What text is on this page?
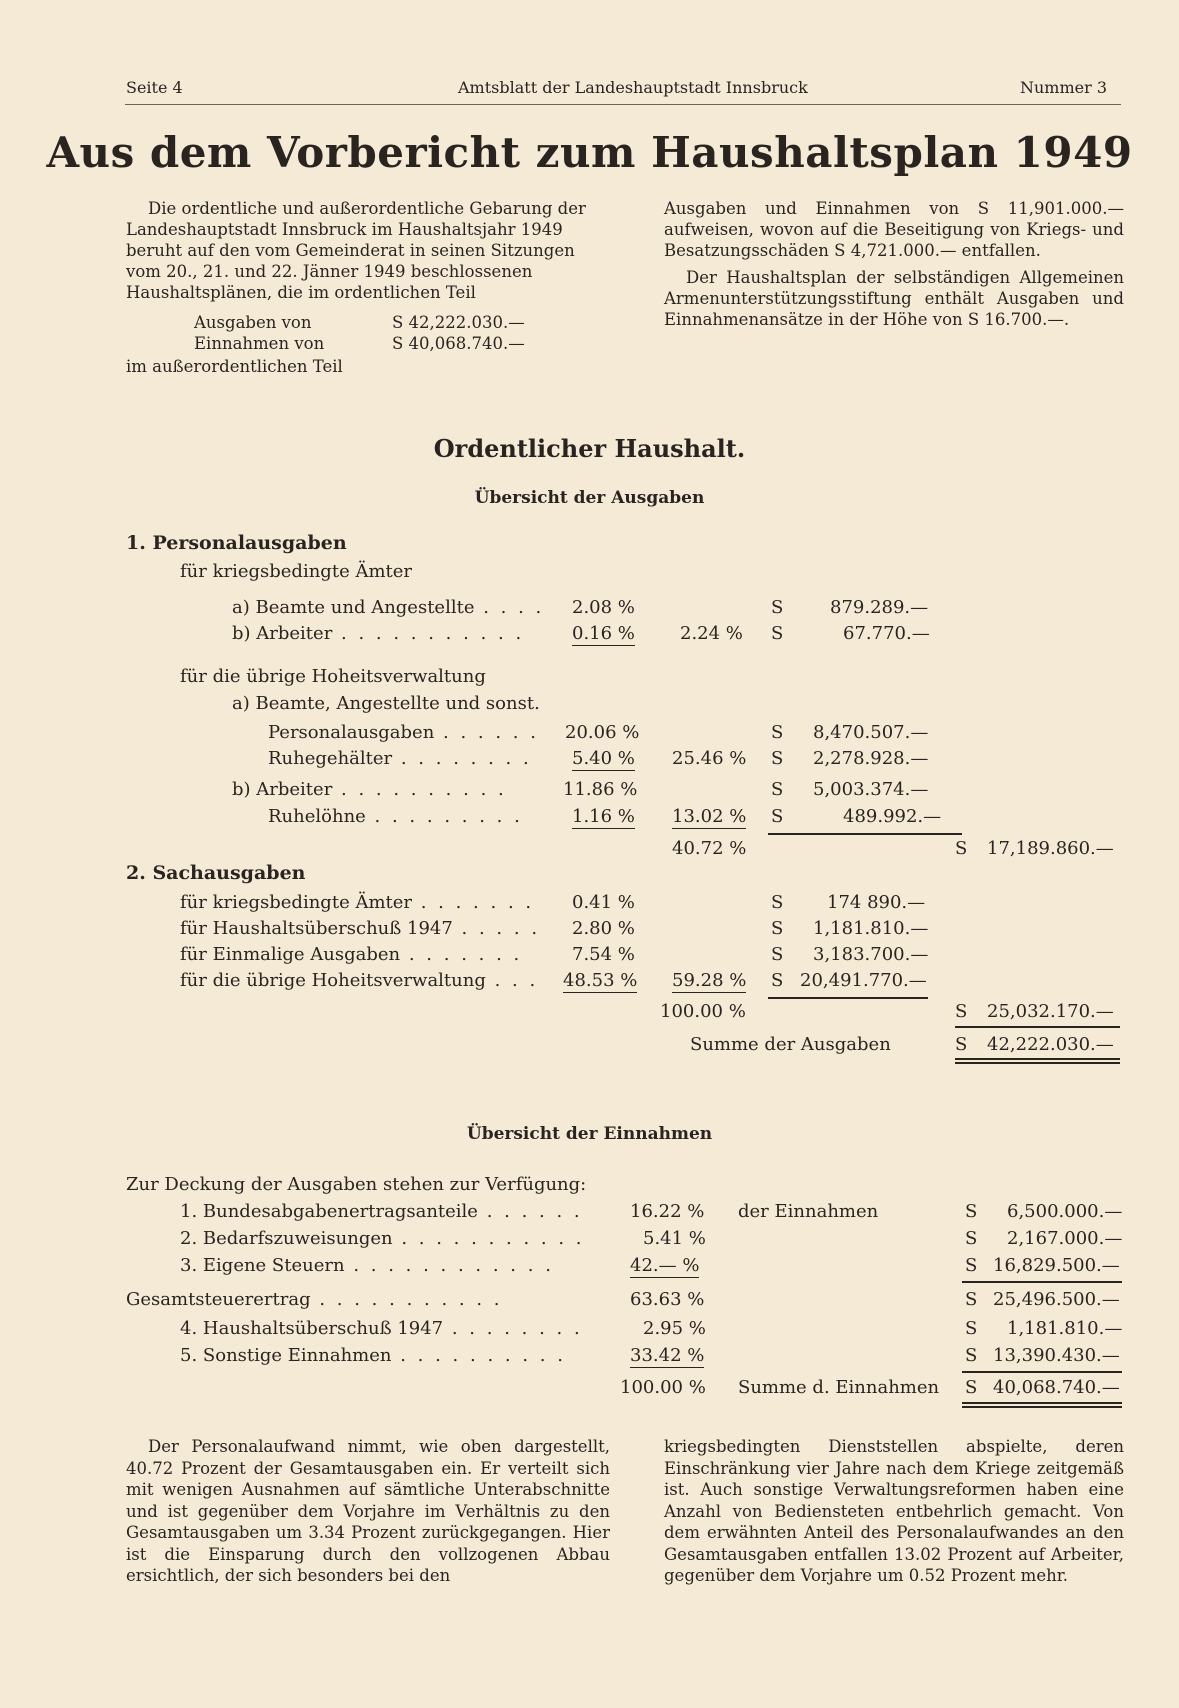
Seite 4	Amtsblatt der Landeshauptstadt Innsbruck	Nummer 3
Aus dem Vorbericht zum Haushaltsplan 1949
Die ordentliche und außerordentliche Gebarung der
Landeshauptstadt Innsbruck im Haushaltsjahr 1949
beruht auf den vom Gemeinderat in seinen Sitzungen
vom 20., 21. und 22. Jänner 1949 beschlossenen
Haushaltsplänen, die im ordentlichen Teil
Ausgaben von	S 42,222.030.—
Einnahmen von	S 40,068.740.—
im außerordentlichen Teil

Ausgaben und Einnahmen von S 11,901.000.— aufweisen, wovon auf die Beseitigung von Kriegs- und Besatzungsschäden S 4,721.000.— entfallen.

Der Haushaltsplan der selbständigen Allgemeinen Armenunterstützungsstiftung enthält Ausgaben und Einnahmenansätze in der Höhe von S 16.700.—.

Ordentlicher Haushalt.
Übersicht der Ausgaben
1. Personalausgaben
für kriegsbedingte Ämter
a) Beamte und Angestellte . . . . 2.08 %	S	879.289.—
b) Arbeiter . . . . . . . . . . .	0.16 %	2.24 % S	67.770.—
für die übrige Hoheitsverwaltung
a) Beamte, Angestellte und sonst.
Personalausgaben . . . . . . 20.06 %	S 8,470.507.—
Ruhegehälter . . . . . . . . 5.40 % 25.46 % S 2,278.928.—
b) Arbeiter . . . . . . . . . .	11.86 %	S 5,003.374.—
Ruhelöhne . . . . . . . . .	1.16 % 13.02 % S	489.992.—
40.72 %	S 17,189.860.—
2. Sachausgaben
für kriegsbedingte Ämter . . . . . . . 0.41 %	S 174 890.—
für Haushaltsüberschuß 1947 . . . . . 2.80 %	S 1,181.810.—
für Einmalige Ausgaben . . . . . . .	7.54 %	S 3,183.700.—
für die übrige Hoheitsverwaltung . . . 48.53 % 59.28 % S 20,491.770.—
100.00 %	S 25,032.170.—
Summe der Ausgaben	S 42,222.030.—
Übersicht der Einnahmen
Zur Deckung der Ausgaben stehen zur Verfügung:
1. Bundesabgabenertragsanteile . . . . . .	16.22 % der Einnahmen	S 6,500.000.—
2. Bedarfszuweisungen . . . . . . . . . . .	5.41 %	S 2,167.000.—
3. Eigene Steuern . . . . . . . . . . . .	42.— %	S 16,829.500.—
Gesamtsteuerertrag . . . . . . . . . . .	63.63 %	S 25,496.500.—
4. Haushaltsüberschuß 1947 . . . . . . . .	2.95 %	S 1,181.810.—
5. Sonstige Einnahmen . . . . . . . . . .	33.42 %	S 13,390.430.—
100.00 % Summe d. Einnahmen S 40,068.740.—
Der Personalaufwand nimmt, wie oben dargestellt, 40.72 Prozent der Gesamtausgaben ein. Er verteilt sich mit wenigen Ausnahmen auf sämtliche Unterabschnitte und ist gegenüber dem Vorjahre im Verhältnis zu den Gesamtausgaben um 3.34 Prozent zurückgegangen. Hier ist die Einsparung durch den vollzogenen Abbau ersichtlich, der sich besonders bei den
kriegsbedingten Dienststellen abspielte, deren Einschränkung vier Jahre nach dem Kriege zeitgemäß ist. Auch sonstige Verwaltungsreformen haben eine Anzahl von Bediensteten entbehrlich gemacht. Von dem erwähnten Anteil des Personalaufwandes an den Gesamtausgaben entfallen 13.02 Prozent auf Arbeiter, gegenüber dem Vorjahre um 0.52 Prozent mehr.
